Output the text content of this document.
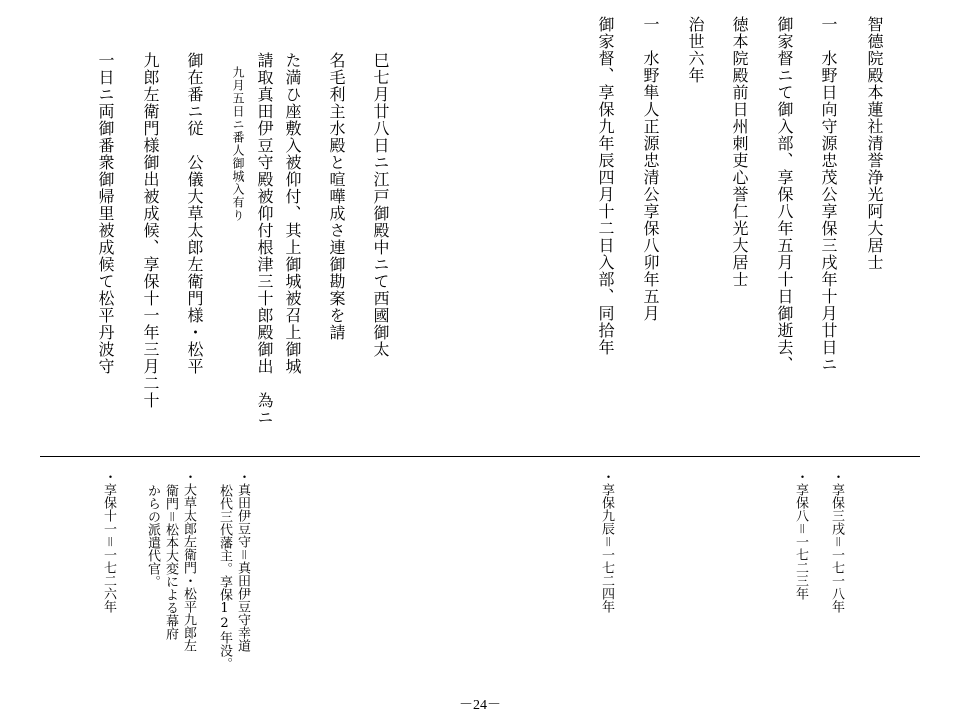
智德院殿本蓮社清誉浄光阿大居士
一　水野日向守源忠茂公享保三戌年十月廿日ニ
御家督ニて御入部、享保八年五月十日御逝去、
徳本院殿前日州刺吏心誉仁光大居士
治世六年
一　水野隼人正源忠清公享保八卯年五月
御家督、享保九年辰四月十二日入部、同拾年
巳七月廿八日ニ江戸御殿中ニて西國御太
名毛利主水殿と喧嘩成さ連御勘案を請
た満ひ座敷入被仰付、其上御城被召上御城
請取真田伊豆守殿被仰付根津三十郎殿御出　為ニ
九月五日ニ番人御城入有り
御在番ニ従　公儀大草太郎左衛門様・松平
九郎左衛門様御出被成候、享保十一年三月二十
一日ニ両御番衆御帰里被成候て松平丹波守
・享保三戌＝一七一八年
・享保八＝一七二三年
・享保九辰＝一七二四年
・真田伊豆守＝真田伊豆守幸道
松代三代藩主。享保12年没。
・大草太郎左衛門・松平九郎左
衛門＝松本大変による幕府
からの派遣代官。
・享保十一＝一七二六年
－24－
